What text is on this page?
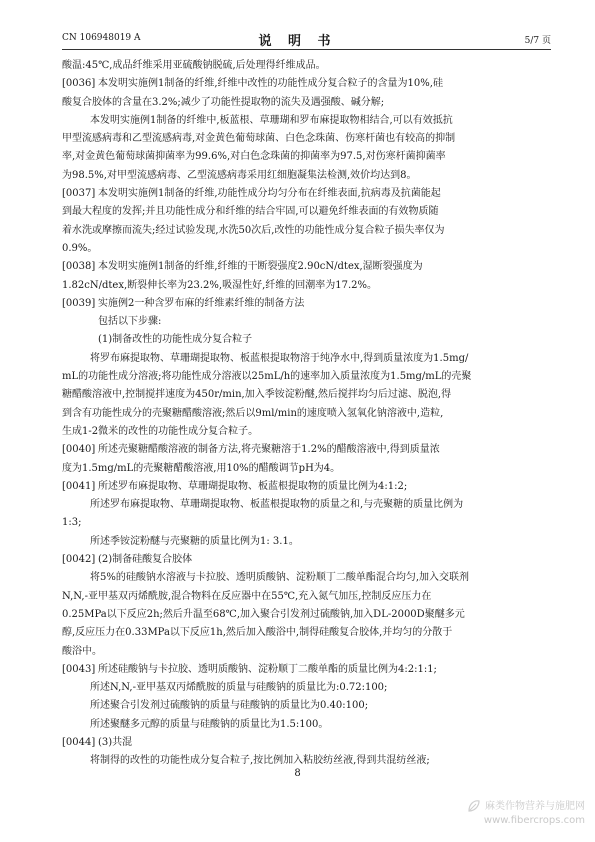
CN 106948019 A	说 明 书	5/7 页
酸温:45℃,成品纤维采用亚硫酸钠脱硫,后处理得纤维成品。
[0036] 本发明实施例1制备的纤维,纤维中改性的功能性成分复合粒子的含量为10%,硅
酸复合胶体的含量在3.2%;减少了功能性提取物的流失及遇强酸、碱分解;
本发明实施例1制备的纤维中,板蓝根、草珊瑚和罗布麻提取物相结合,可以有效抵抗
甲型流感病毒和乙型流感病毒,对金黄色葡萄球菌、白色念珠菌、伤寒杆菌也有较高的抑制
率,对金黄色葡萄球菌抑菌率为99.6%,对白色念珠菌的抑菌率为97.5,对伤寒杆菌抑菌率
为98.5%,对甲型流感病毒、乙型流感病毒采用红细胞凝集法检测,效价均达到8。
[0037] 本发明实施例1制备的纤维,功能性成分均匀分布在纤维表面,抗病毒及抗菌能起
到最大程度的发挥;并且功能性成分和纤维的结合牢固,可以避免纤维表面的有效物质随
着水洗或摩擦而流失;经过试验发现,水洗50次后,改性的功能性成分复合粒子损失率仅为
0.9%。
[0038] 本发明实施例1制备的纤维,纤维的干断裂强度2.90cN/dtex,湿断裂强度为
1.82cN/dtex,断裂伸长率为23.2%,吸湿性好,纤维的回潮率为17.2%。
[0039] 实施例2一种含罗布麻的纤维素纤维的制备方法
包括以下步骤:
(1)制备改性的功能性成分复合粒子
将罗布麻提取物、草珊瑚提取物、板蓝根提取物溶于纯净水中,得到质量浓度为1.5mg/
mL的功能性成分溶液;将功能性成分溶液以25mL/h的速率加入质量浓度为1.5mg/mL的壳聚
糖醋酸溶液中,控制搅拌速度为450r/min,加入季铵淀粉醚,然后搅拌均匀后过滤、脱泡,得
到含有功能性成分的壳聚糖醋酸溶液;然后以9ml/min的速度喷入氢氧化钠溶液中,造粒,
生成1-2微米的改性的功能性成分复合粒子。
[0040] 所述壳聚糖醋酸溶液的制备方法,将壳聚糖溶于1.2%的醋酸溶液中,得到质量浓
度为1.5mg/mL的壳聚糖醋酸溶液,用10%的醋酸调节pH为4。
[0041] 所述罗布麻提取物、草珊瑚提取物、板蓝根提取物的质量比例为4:1:2;
所述罗布麻提取物、草珊瑚提取物、板蓝根提取物的质量之和,与壳聚糖的质量比例为
1:3;
所述季铵淀粉醚与壳聚糖的质量比例为1: 3.1。
[0042] (2)制备硅酸复合胶体
将5%的硅酸钠水溶液与卡拉胶、透明质酸钠、淀粉顺丁二酸单酯混合均匀,加入交联剂
N,N,-亚甲基双丙烯酰胺,混合物料在反应器中在55℃,充入氮气加压,控制反应压力在
0.25MPa以下反应2h;然后升温至68℃,加入聚合引发剂过硫酸钠,加入DL-2000D聚醚多元
醇,反应压力在0.33MPa以下反应1h,然后加入酸浴中,制得硅酸复合胶体,并均匀的分散于
酸浴中。
[0043] 所述硅酸钠与卡拉胶、透明质酸钠、淀粉顺丁二酸单酯的质量比例为4:2:1:1;
所述N,N,-亚甲基双丙烯酰胺的质量与硅酸钠的质量比为:0.72:100;
所述聚合引发剂过硫酸钠的质量与硅酸钠的质量比为0.40:100;
所述聚醚多元醇的质量与硅酸钠的质量比为1.5:100。
[0044] (3)共混
将制得的改性的功能性成分复合粒子,按比例加入粘胶纺丝液,得到共混纺丝液;
8
麻类作物营养与施肥网
www.fibercrops.com
